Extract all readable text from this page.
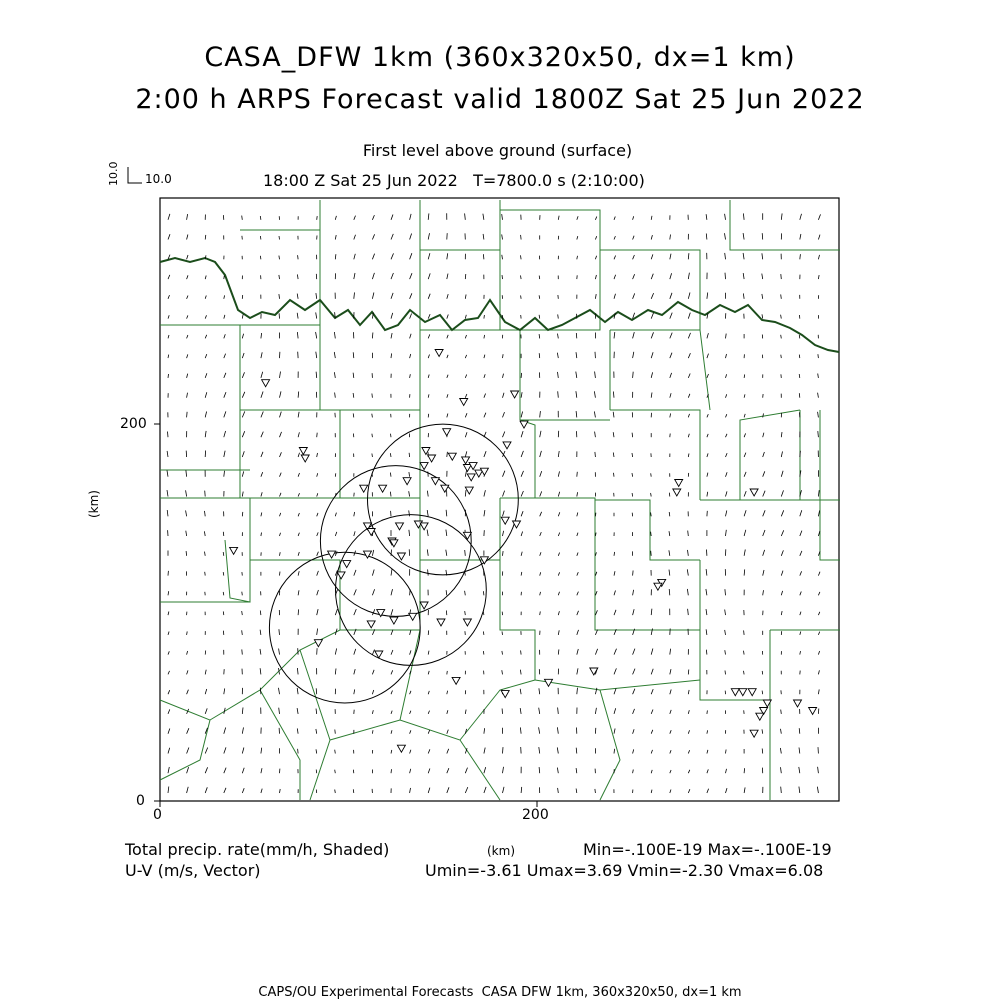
CASA_DFW 1km (360x320x50, dx=1 km)
2:00 h ARPS Forecast valid 1800Z Sat 25 Jun 2022
First level above ground (surface)
18:00 Z Sat 25 Jun 2022   T=7800.0 s (2:10:00)
10.0
10.0
200
0
(km)
0	200
(km)
Total precip. rate(mm/h, Shaded)
U-V (m/s, Vector)
Min=-.100E-19 Max=-.100E-19
Umin=-3.61 Umax=3.69 Vmin=-2.30 Vmax=6.08
CAPS/OU Experimental Forecasts  CASA DFW 1km, 360x320x50, dx=1 km
